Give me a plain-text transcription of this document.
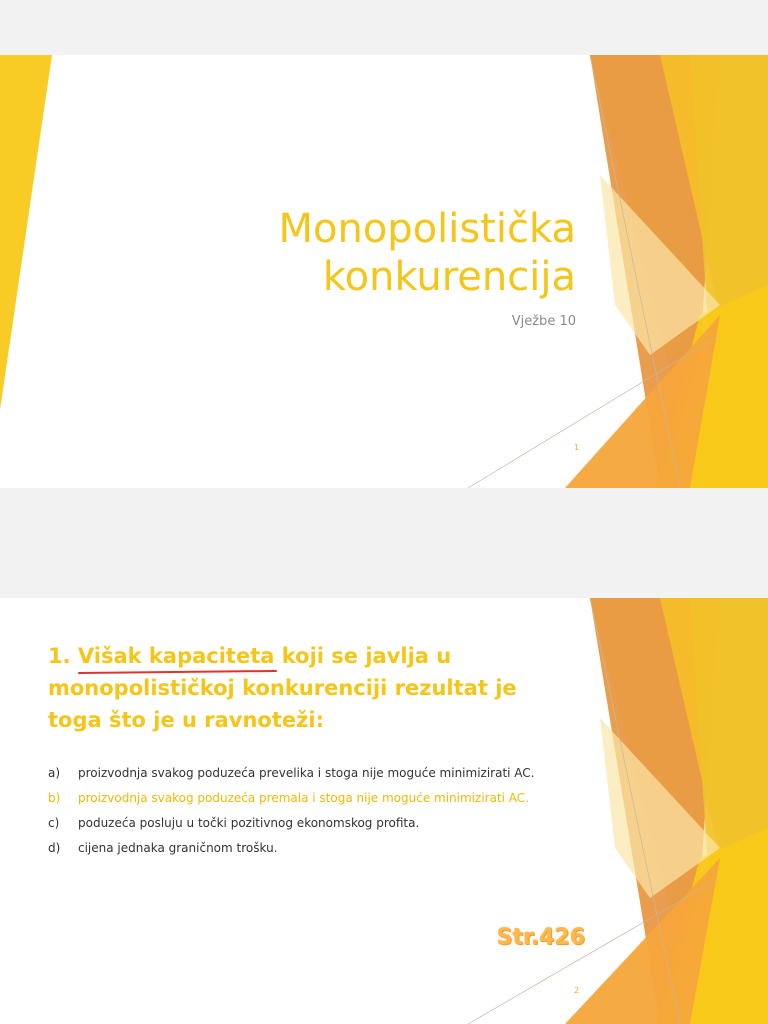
Monopolistička
konkurencija
Vježbe 10
1
1. Višak kapaciteta koji se javlja u
monopolističkoj konkurenciji rezultat je
toga što je u ravnoteži:
a) proizvodnja svakog poduzeća prevelika i stoga nije moguće minimizirati AC.
b) proizvodnja svakog poduzeća premala i stoga nije moguće minimizirati AC.
c) poduzeća posluju u točki pozitivnog ekonomskog profita.
d) cijena jednaka graničnom trošku.
Str.426
2
